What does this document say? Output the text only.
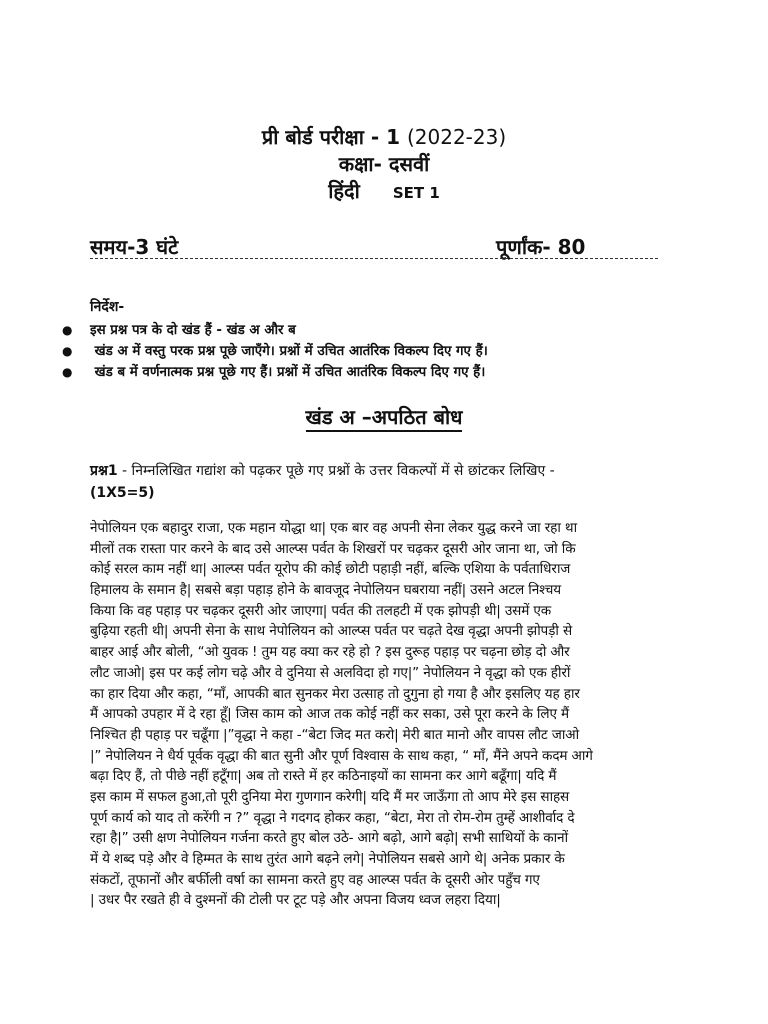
प्री बोर्ड परीक्षा - 1 (2022-23)
कक्षा- दसवीं
हिंदी SET 1
समय-3 घंटे	पूर्णांक- 80
निर्देश-
● इस प्रश्न पत्र के दो खंड हैं - खंड अ और ब
● खंड अ में वस्तु परक प्रश्न पूछे जाएँगे। प्रश्नों में उचित आतंरिक विकल्प दिए गए हैं।
● खंड ब में वर्णनात्मक प्रश्न पूछे गए हैं। प्रश्नों में उचित आतंरिक विकल्प दिए गए हैं।
खंड अ –अपठित बोध
प्रश्न1 - निम्नलिखित गद्यांश को पढ़कर पूछे गए प्रश्नों के उत्तर विकल्पों में से छांटकर लिखिए -
(1X5=5)
नेपोलियन एक बहादुर राजा, एक महान योद्धा था| एक बार वह अपनी सेना लेकर युद्ध करने जा रहा था
मीलों तक रास्ता पार करने के बाद उसे आल्प्स पर्वत के शिखरों पर चढ़कर दूसरी ओर जाना था, जो कि
कोई सरल काम नहीं था| आल्प्स पर्वत यूरोप की कोई छोटी पहाड़ी नहीं, बल्कि एशिया के पर्वताधिराज
हिमालय के समान है| सबसे बड़ा पहाड़ होने के बावजूद नेपोलियन घबराया नहीं| उसने अटल निश्चय
किया कि वह पहाड़ पर चढ़कर दूसरी ओर जाएगा| पर्वत की तलहटी में एक झोपड़ी थी| उसमें एक
बुढ़िया रहती थी| अपनी सेना के साथ नेपोलियन को आल्प्स पर्वत पर चढ़ते देख वृद्धा अपनी झोपड़ी से
बाहर आई और बोली, “ओ युवक ! तुम यह क्या कर रहे हो ? इस दुरूह पहाड़ पर चढ़ना छोड़ दो और
लौट जाओ| इस पर कई लोग चढ़े और वे दुनिया से अलविदा हो गए|” नेपोलियन ने वृद्धा को एक हीरों
का हार दिया और कहा, “माँ, आपकी बात सुनकर मेरा उत्साह तो दुगुना हो गया है और इसलिए यह हार
मैं आपको उपहार में दे रहा हूँ| जिस काम को आज तक कोई नहीं कर सका, उसे पूरा करने के लिए मैं
निश्चित ही पहाड़ पर चढूँगा |”वृद्धा ने कहा -“बेटा जिद मत करो| मेरी बात मानो और वापस लौट जाओ
|” नेपोलियन ने धैर्य पूर्वक वृद्धा की बात सुनी और पूर्ण विश्वास के साथ कहा, “ माँ, मैंने अपने कदम आगे
बढ़ा दिए हैं, तो पीछे नहीं हटूँगा| अब तो रास्ते में हर कठिनाइयों का सामना कर आगे बढूँगा| यदि मैं
इस काम में सफल हुआ,तो पूरी दुनिया मेरा गुणगान करेगी| यदि मैं मर जाऊँगा तो आप मेरे इस साहस
पूर्ण कार्य को याद तो करेंगी न ?” वृद्धा ने गदगद होकर कहा, “बेटा, मेरा तो रोम-रोम तुम्हें आशीर्वाद दे
रहा है|” उसी क्षण नेपोलियन गर्जना करते हुए बोल उठे- आगे बढ़ो, आगे बढ़ो| सभी साथियों के कानों
में ये शब्द पड़े और वे हिम्मत के साथ तुरंत आगे बढ़ने लगे| नेपोलियन सबसे आगे थे| अनेक प्रकार के
संकटों, तूफानों और बर्फीली वर्षा का सामना करते हुए वह आल्प्स पर्वत के दूसरी ओर पहुँच गए
| उधर पैर रखते ही वे दुश्मनों की टोली पर टूट पड़े और अपना विजय ध्वज लहरा दिया|
